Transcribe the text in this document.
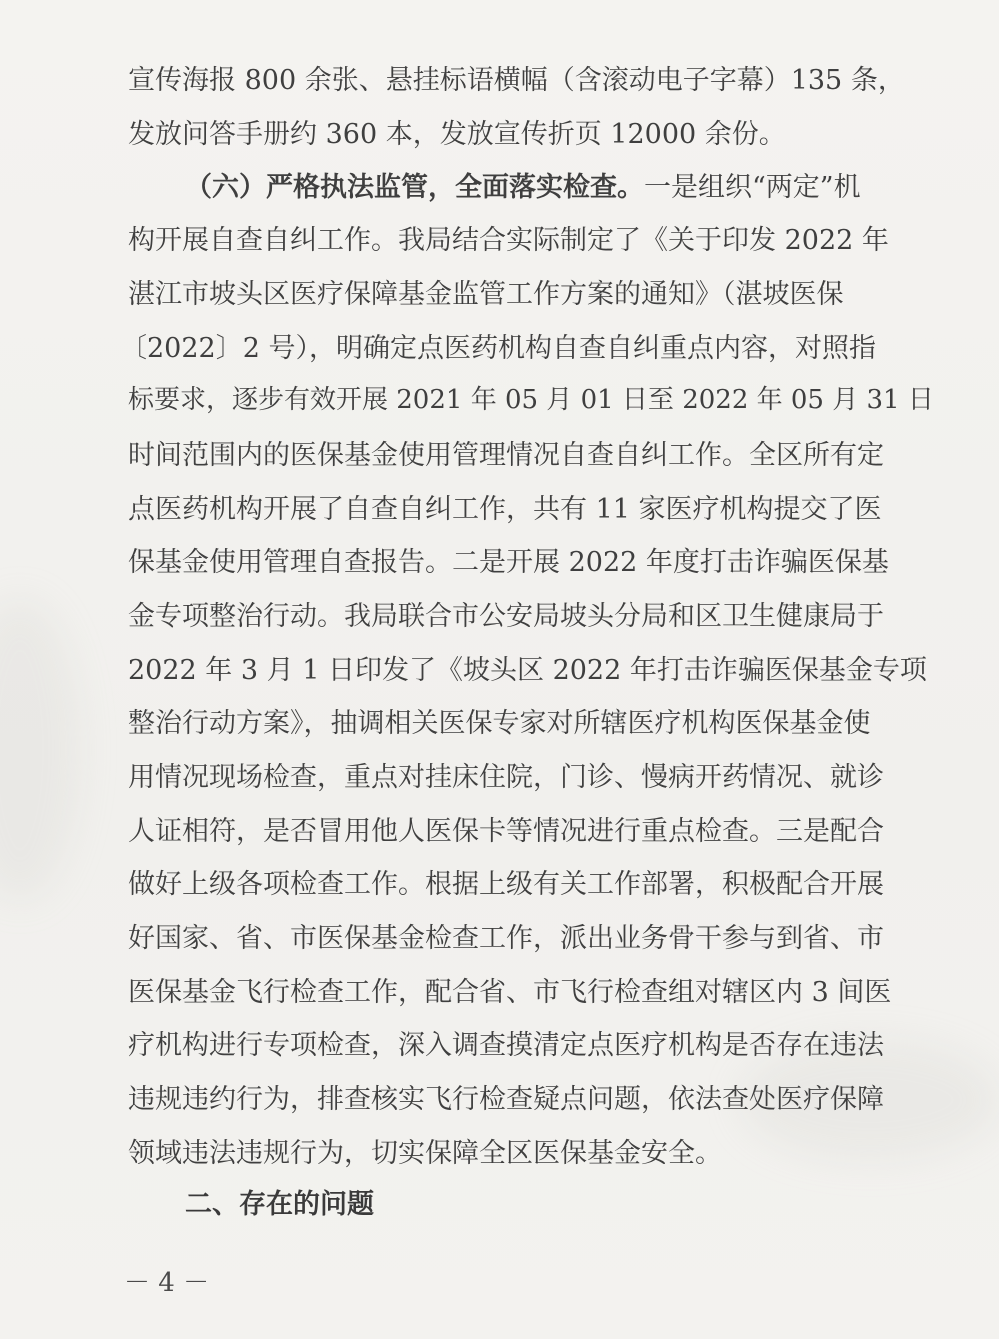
宣传海报 800 余张、悬挂标语横幅（含滚动电子字幕）135 条，
发放问答手册约 360 本，发放宣传折页 12000 余份。
（六）严格执法监管，全面落实检查。一是组织“两定”机
构开展自查自纠工作。我局结合实际制定了《关于印发 2022 年
湛江市坡头区医疗保障基金监管工作方案的通知》（湛坡医保
〔2022〕2 号），明确定点医药机构自查自纠重点内容，对照指
标要求，逐步有效开展 2021 年 05 月 01 日至 2022 年 05 月 31 日
时间范围内的医保基金使用管理情况自查自纠工作。全区所有定
点医药机构开展了自查自纠工作，共有 11 家医疗机构提交了医
保基金使用管理自查报告。二是开展 2022 年度打击诈骗医保基
金专项整治行动。我局联合市公安局坡头分局和区卫生健康局于
2022 年 3 月 1 日印发了《坡头区 2022 年打击诈骗医保基金专项
整治行动方案》，抽调相关医保专家对所辖医疗机构医保基金使
用情况现场检查，重点对挂床住院，门诊、慢病开药情况、就诊
人证相符，是否冒用他人医保卡等情况进行重点检查。三是配合
做好上级各项检查工作。根据上级有关工作部署，积极配合开展
好国家、省、市医保基金检查工作，派出业务骨干参与到省、市
医保基金飞行检查工作，配合省、市飞行检查组对辖区内 3 间医
疗机构进行专项检查，深入调查摸清定点医疗机构是否存在违法
违规违约行为，排查核实飞行检查疑点问题，依法查处医疗保障
领域违法违规行为，切实保障全区医保基金安全。
二、存在的问题
－ 4 －
